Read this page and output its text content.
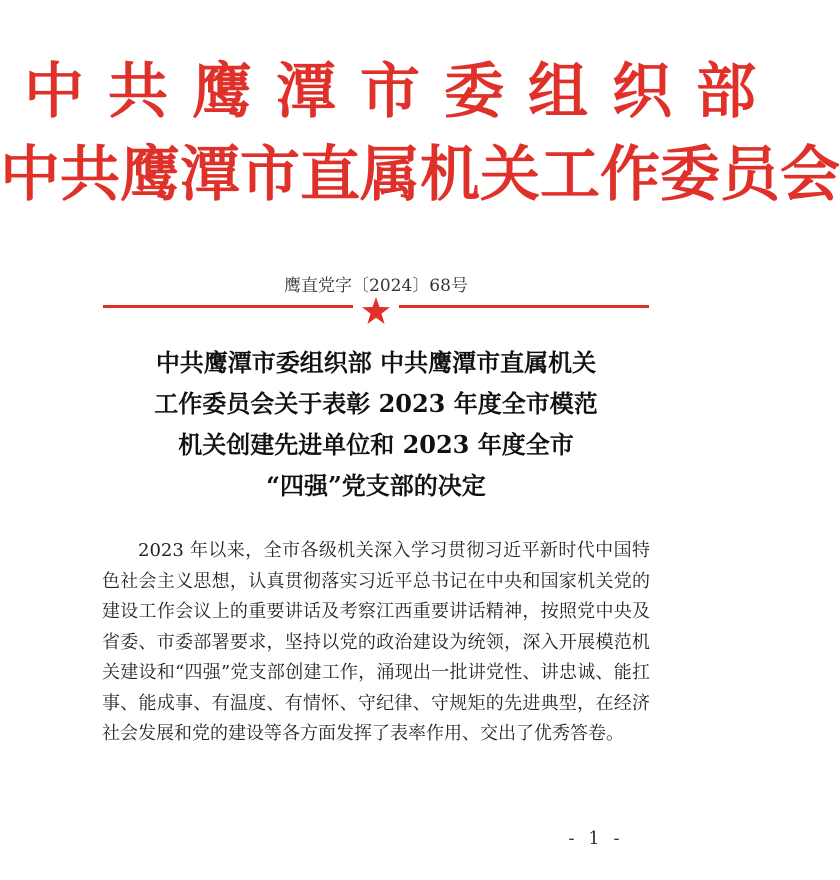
中共鹰潭市委组织部
中共鹰潭市直属机关工作委员会
鹰直党字〔2024〕68号
中共鹰潭市委组织部 中共鹰潭市直属机关
工作委员会关于表彰 2023 年度全市模范
机关创建先进单位和 2023 年度全市
“四强”党支部的决定
2023 年以来，全市各级机关深入学习贯彻习近平新时代中国特色社会主义思想，认真贯彻落实习近平总书记在中央和国家机关党的建设工作会议上的重要讲话及考察江西重要讲话精神，按照党中央及省委、市委部署要求，坚持以党的政治建设为统领，深入开展模范机关建设和“四强”党支部创建工作，涌现出一批讲党性、讲忠诚、能扛事、能成事、有温度、有情怀、守纪律、守规矩的先进典型，在经济社会发展和党的建设等各方面发挥了表率作用、交出了优秀答卷。
- 1 -
